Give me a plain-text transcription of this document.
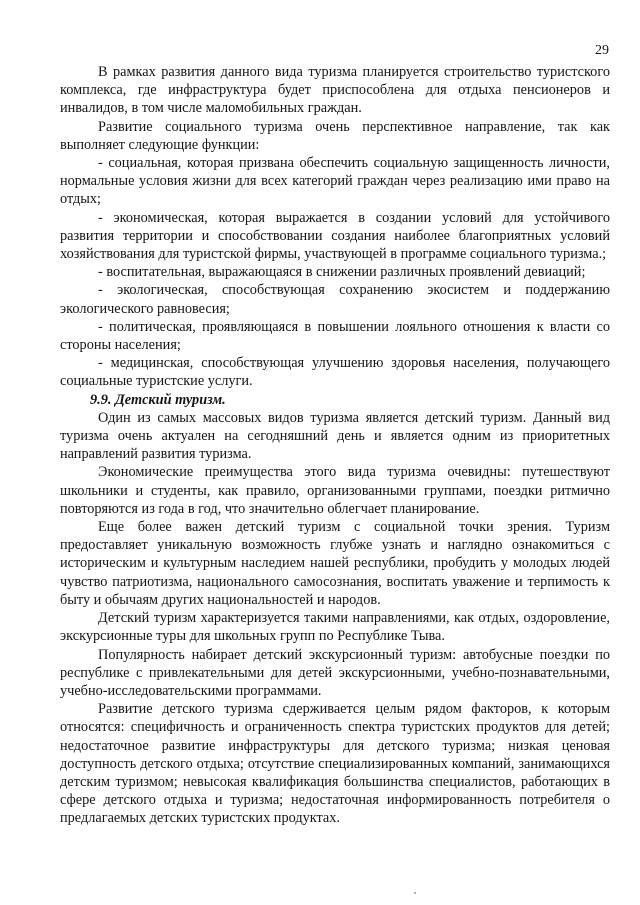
29

В рамках развития данного вида туризма планируется строительство туристского комплекса, где инфраструктура будет приспособлена для отдыха пенсионеров и инвалидов, в том числе маломобильных граждан.

Развитие социального туризма очень перспективное направление, так как выполняет следующие функции:

- социальная, которая призвана обеспечить социальную защищенность личности, нормальные условия жизни для всех категорий граждан через реализацию ими право на отдых;

- экономическая, которая выражается в создании условий для устойчивого развития территории и способствовании создания наиболее благоприятных условий хозяйствования для туристской фирмы, участвующей в программе социального туризма.;

- воспитательная, выражающаяся в снижении различных проявлений девиаций;

- экологическая, способствующая сохранению экосистем и поддержанию экологического равновесия;

- политическая, проявляющаяся в повышении лояльного отношения к власти со стороны населения;

- медицинская, способствующая улучшению здоровья населения, получающего социальные туристские услуги.

9.9. Детский туризм.

Один из самых массовых видов туризма является детский туризм. Данный вид туризма очень актуален на сегодняшний день и является одним из приоритетных направлений развития туризма.

Экономические преимущества этого вида туризма очевидны: путешествуют школьники и студенты, как правило, организованными группами, поездки ритмично повторяются из года в год, что значительно облегчает планирование.

Еще более важен детский туризм с социальной точки зрения. Туризм предоставляет уникальную возможность глубже узнать и наглядно ознакомиться с историческим и культурным наследием нашей республики, пробудить у молодых людей чувство патриотизма, национального самосознания, воспитать уважение и терпимость к быту и обычаям других национальностей и народов.

Детский туризм характеризуется такими направлениями, как отдых, оздоровление, экскурсионные туры для школьных групп по Республике Тыва.

Популярность набирает детский экскурсионный туризм: автобусные поездки по республике с привлекательными для детей экскурсионными, учебно-познавательными, учебно-исследовательскими программами.

Развитие детского туризма сдерживается целым рядом факторов, к которым относятся: специфичность и ограниченность спектра туристских продуктов для детей; недостаточное развитие инфраструктуры для детского туризма; низкая ценовая доступность детского отдыха; отсутствие специализированных компаний, занимающихся детским туризмом; невысокая квалификация большинства специалистов, работающих в сфере детского отдыха и туризма; недостаточная информированность потребителя о предлагаемых детских туристских продуктах.
